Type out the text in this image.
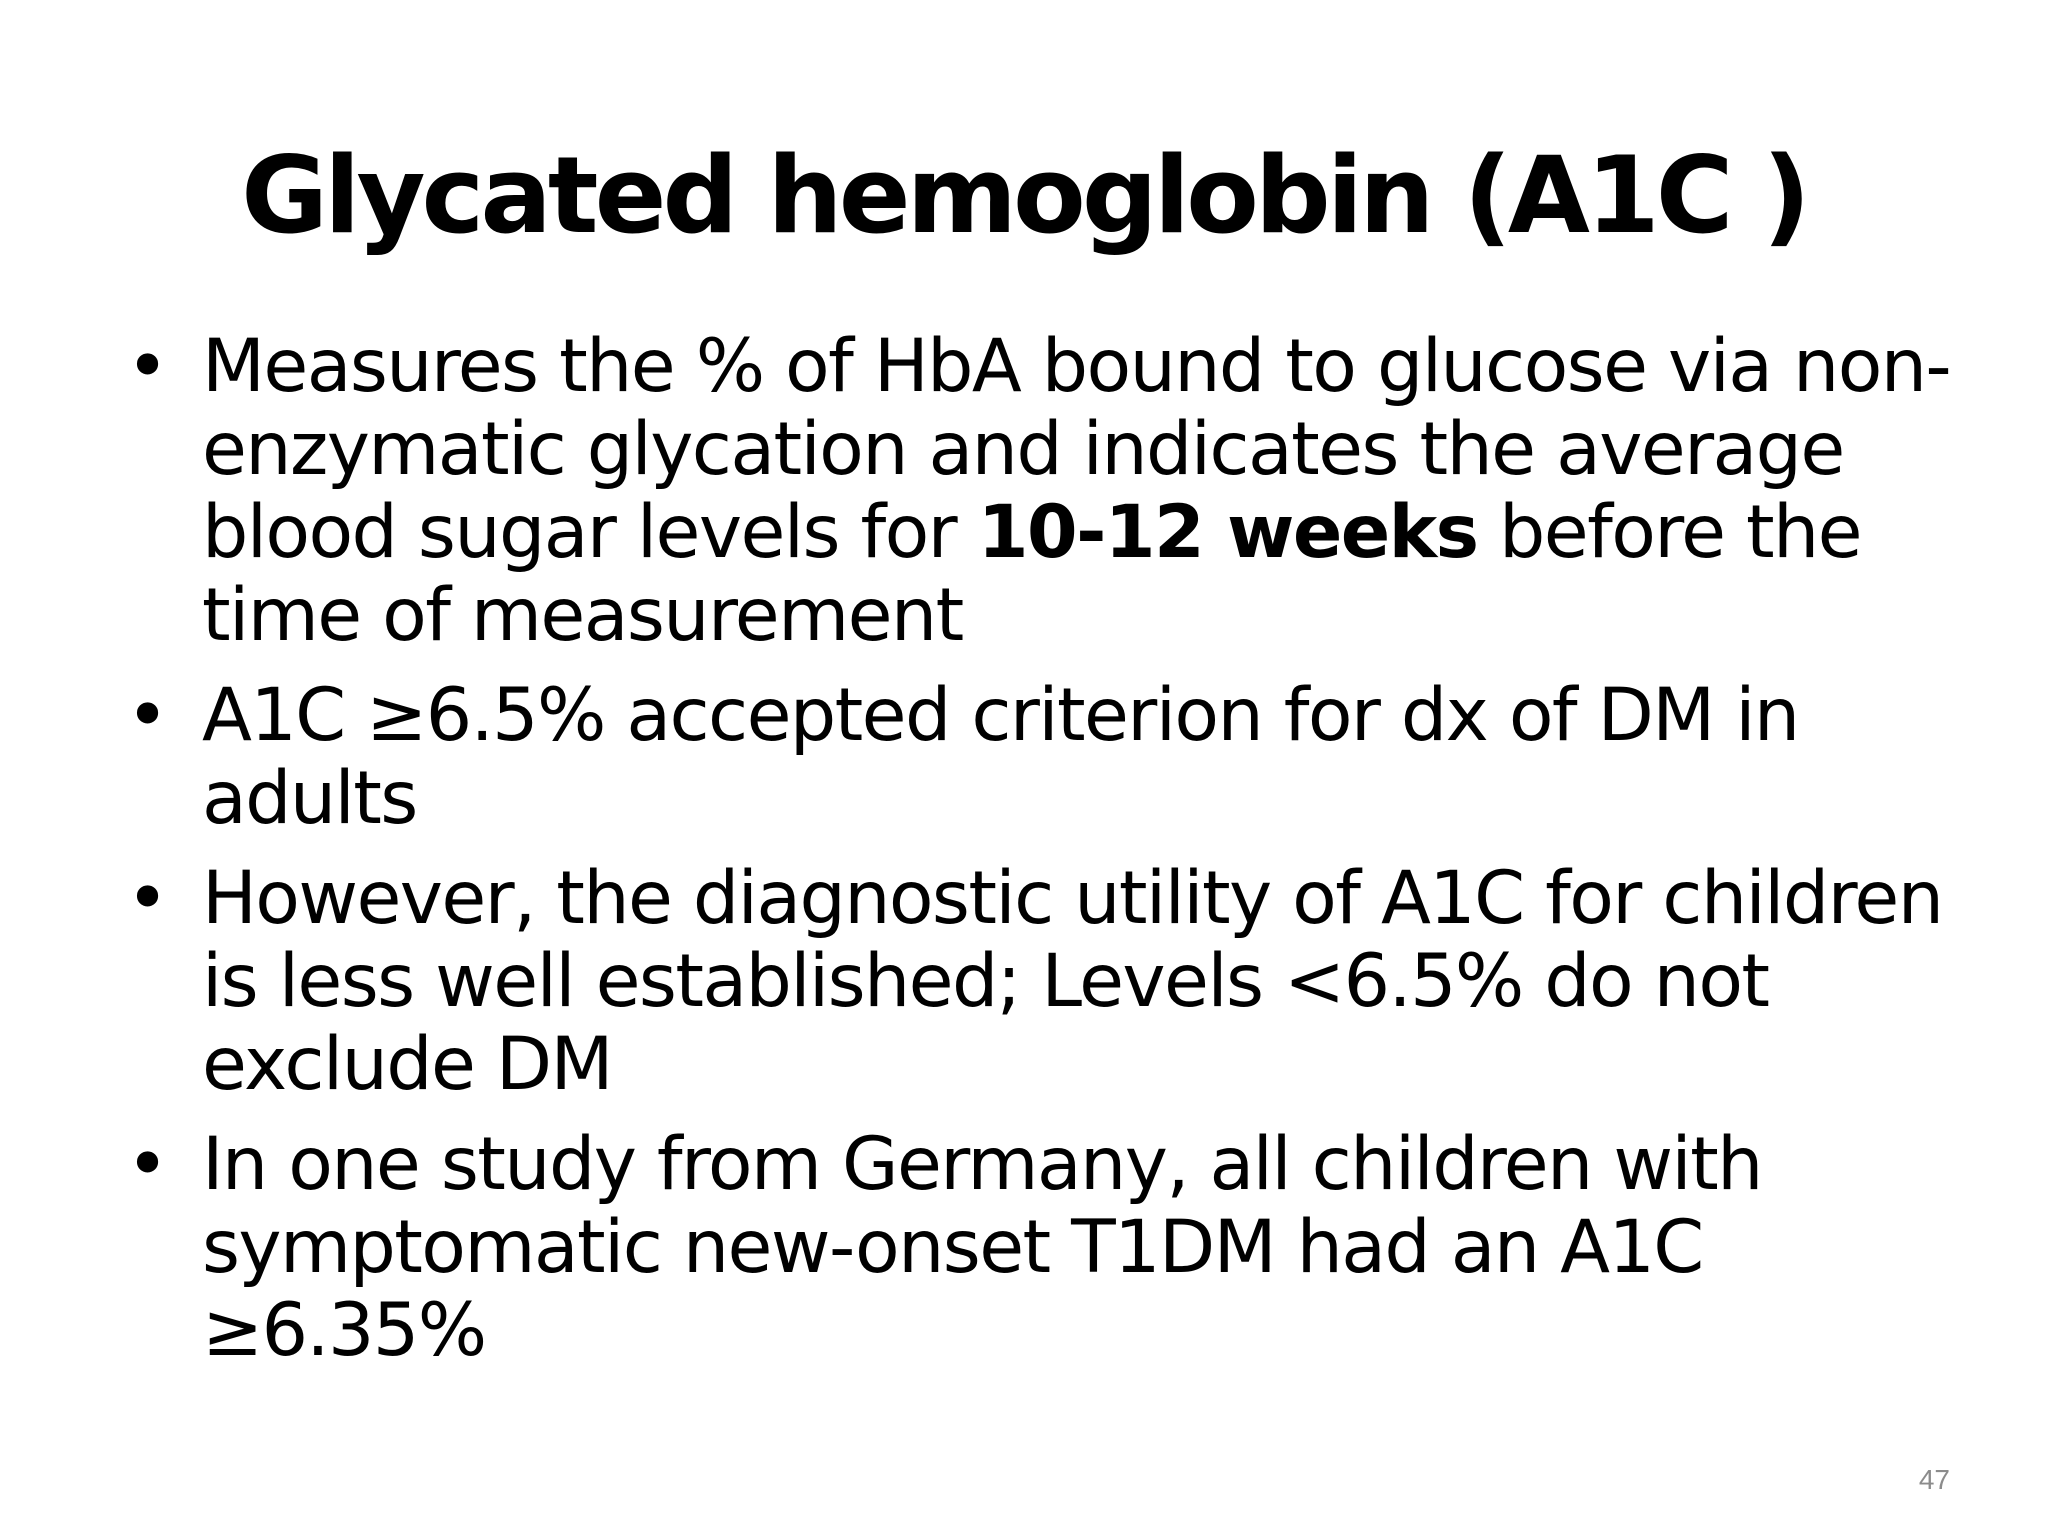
Glycated hemoglobin (A1C )
• Measures the % of HbA bound to glucose via non-enzymatic glycation and indicates the average blood sugar levels for 10-12 weeks before the time of measurement
• A1C ≥6.5% accepted criterion for dx of DM in adults
• However, the diagnostic utility of A1C for children is less well established; Levels <6.5% do not exclude DM
• In one study from Germany, all children with symptomatic new-onset T1DM had an A1C ≥6.35%
47
